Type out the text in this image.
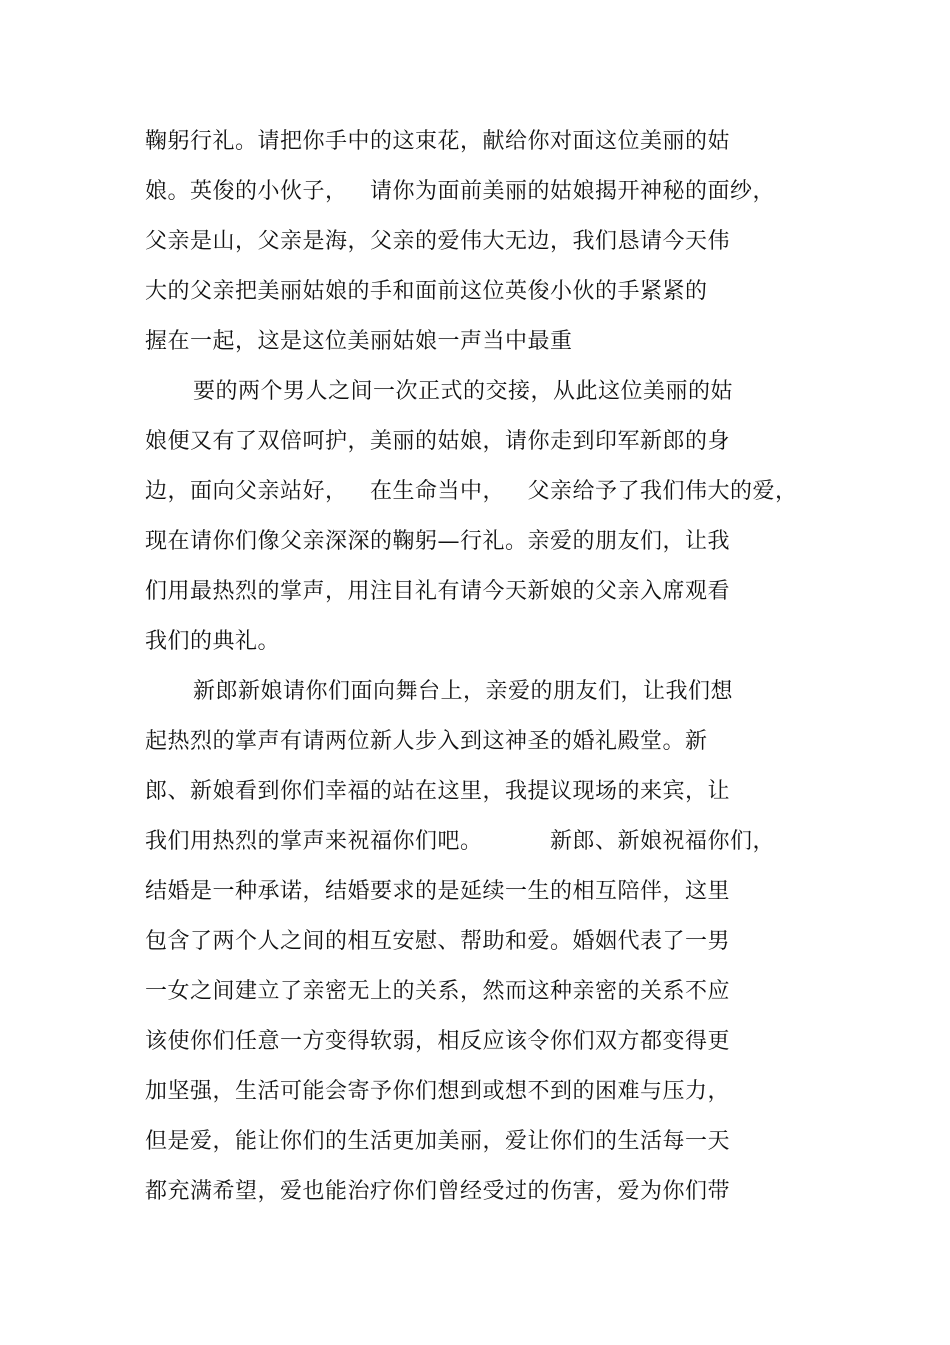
鞠躬行礼。请把你手中的这束花，献给你对面这位美丽的姑
娘。英俊的小伙子，   请你为面前美丽的姑娘揭开神秘的面纱，
父亲是山，父亲是海，父亲的爱伟大无边，我们恳请今天伟
大的父亲把美丽姑娘的手和面前这位英俊小伙的手紧紧的
握在一起，这是这位美丽姑娘一声当中最重
要的两个男人之间一次正式的交接，从此这位美丽的姑
娘便又有了双倍呵护，美丽的姑娘，请你走到印军新郎的身
边，面向父亲站好，   在生命当中，   父亲给予了我们伟大的爱，
现在请你们像父亲深深的鞠躬—行礼。亲爱的朋友们，让我
们用最热烈的掌声，用注目礼有请今天新娘的父亲入席观看
我们的典礼。
新郎新娘请你们面向舞台上，亲爱的朋友们，让我们想
起热烈的掌声有请两位新人步入到这神圣的婚礼殿堂。新
郎、新娘看到你们幸福的站在这里，我提议现场的来宾，让
我们用热烈的掌声来祝福你们吧。         新郎、新娘祝福你们，
结婚是一种承诺，结婚要求的是延续一生的相互陪伴，这里
包含了两个人之间的相互安慰、帮助和爱。婚姻代表了一男
一女之间建立了亲密无上的关系，然而这种亲密的关系不应
该使你们任意一方变得软弱，相反应该令你们双方都变得更
加坚强，生活可能会寄予你们想到或想不到的困难与压力，
但是爱，能让你们的生活更加美丽，爱让你们的生活每一天
都充满希望，爱也能治疗你们曾经受过的伤害，爱为你们带
